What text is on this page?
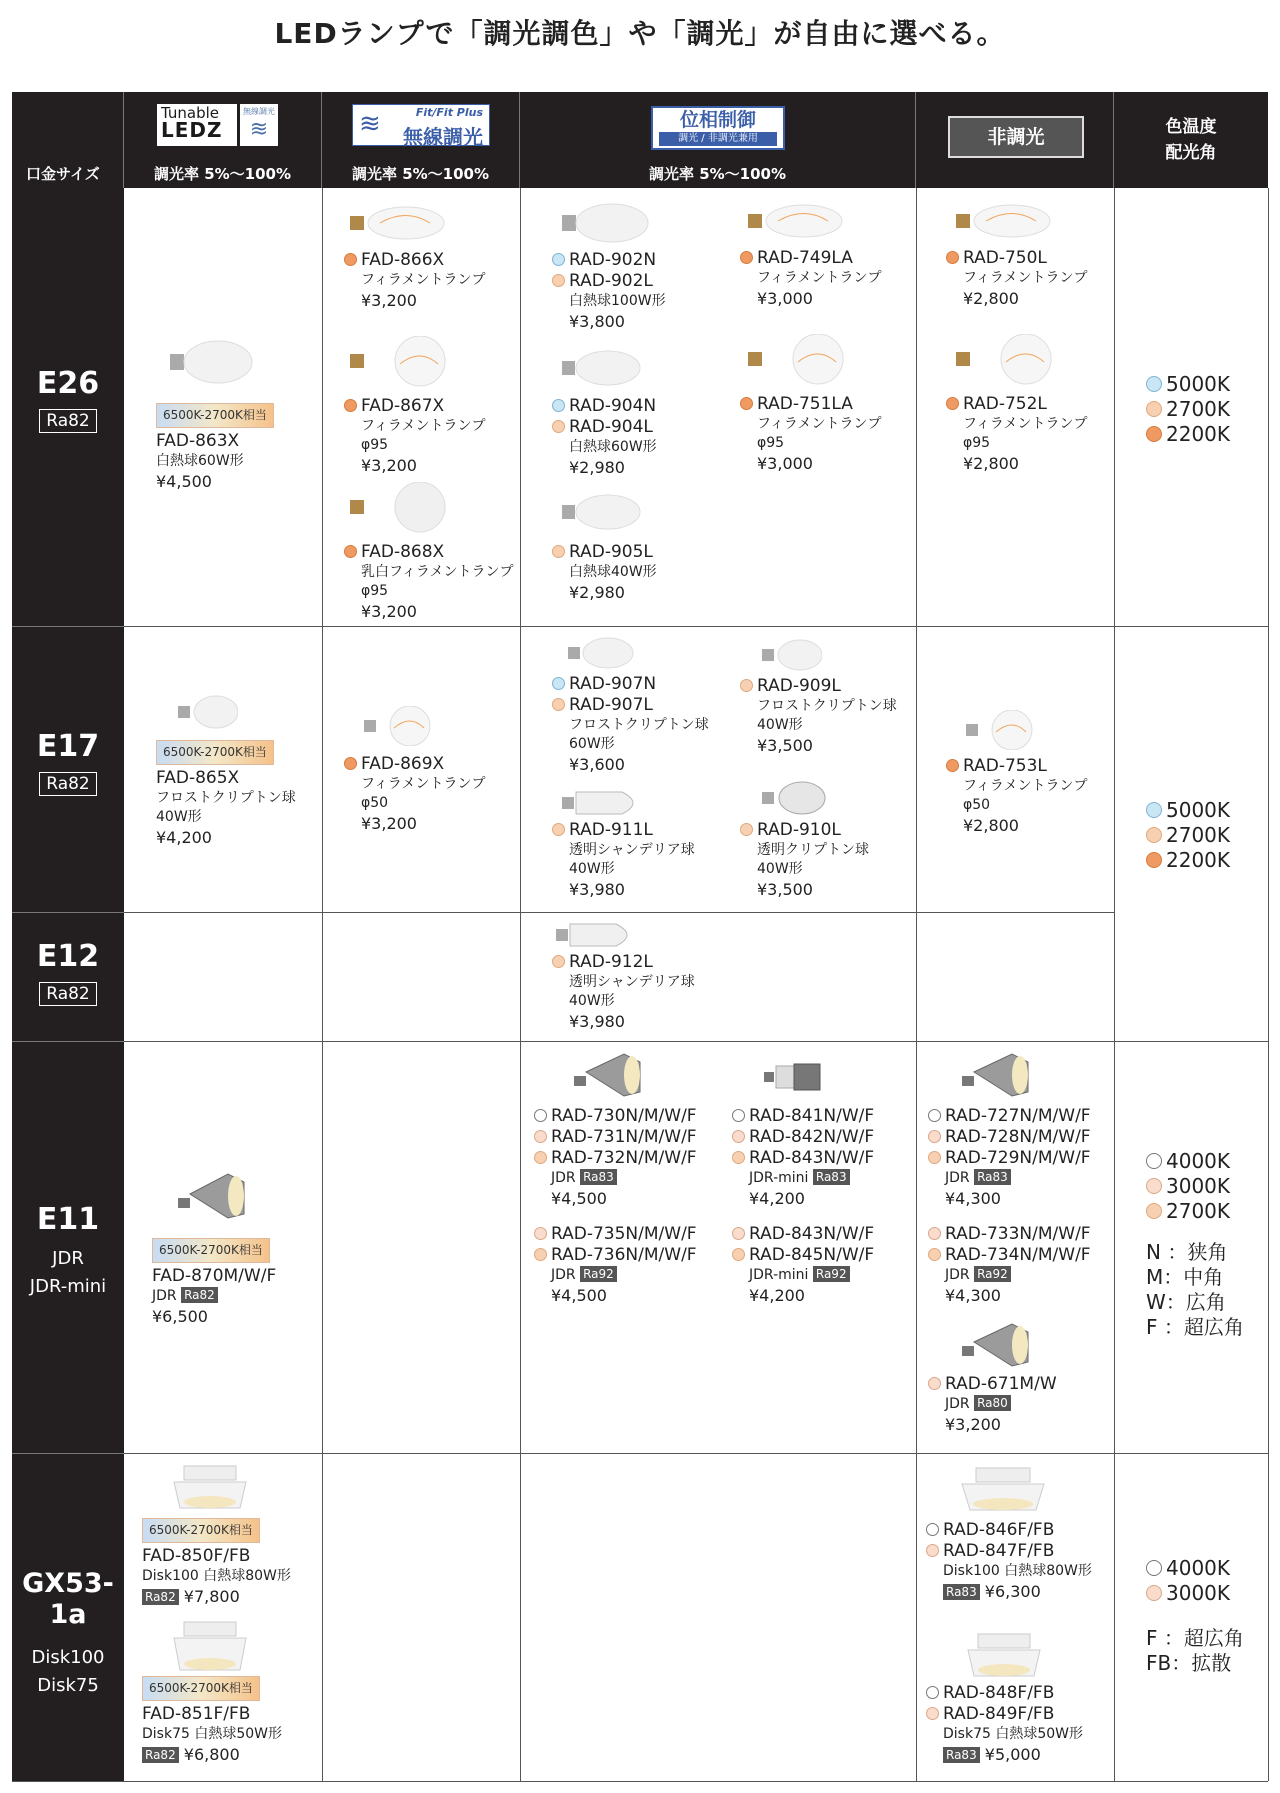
LEDランプで「調光調色」や「調光」が自由に選べる。
口金サイズ
Tunable
LEDZ
無線調光
≋
調光率 5%〜100%
Fit/Fit Plus
≋ 無線調光
調光率 5%〜100%
位相制御
調光 / 非調光兼用
調光率 5%〜100%
非調光	色温度
配光角
E26
Ra82
E17
Ra82
E12
Ra82
E11
JDR
JDR-mini
GX53-1a
Disk100
Disk75
6500K-2700K相当
FAD-863X
白熱球60W形
¥4,500
FAD-866X
フィラメントランプ
¥3,200
FAD-867X
フィラメントランプ
φ95
¥3,200
FAD-868X
乳白フィラメントランプ
φ95
¥3,200
RAD-902N
RAD-902L
白熱球100W形
¥3,800
RAD-904N
RAD-904L
白熱球60W形
¥2,980
RAD-905L
白熱球40W形
¥2,980
RAD-749LA
フィラメントランプ
¥3,000
RAD-751LA
フィラメントランプ
φ95
¥3,000
RAD-750L
フィラメントランプ
¥2,800
RAD-752L
フィラメントランプ
φ95
¥2,800
5000K
2700K
2200K
6500K-2700K相当
FAD-865X
フロストクリプトン球
40W形
¥4,200
FAD-869X
フィラメントランプ
φ50
¥3,200
RAD-907N
RAD-907L
フロストクリプトン球
60W形
¥3,600
RAD-909L
フロストクリプトン球
40W形
¥3,500
RAD-911L
透明シャンデリア球
40W形
¥3,980
RAD-910L
透明クリプトン球
40W形
¥3,500
RAD-753L
フィラメントランプ
φ50
¥2,800
5000K
2700K
2200K
RAD-912L
透明シャンデリア球
40W形
¥3,980
6500K-2700K相当
FAD-870M/W/F
JDR Ra82
¥6,500
RAD-730N/M/W/F
RAD-731N/M/W/F
RAD-732N/M/W/F
JDR Ra83
¥4,500
RAD-735N/M/W/F
RAD-736N/M/W/F
JDR Ra92
¥4,500
RAD-841N/W/F
RAD-842N/W/F
RAD-843N/W/F
JDR-mini Ra83
¥4,200
RAD-843N/W/F
RAD-845N/W/F
JDR-mini Ra92
¥4,200
RAD-727N/M/W/F
RAD-728N/M/W/F
RAD-729N/M/W/F
JDR Ra83
¥4,300
RAD-733N/M/W/F
RAD-734N/M/W/F
JDR Ra92
¥4,300
RAD-671M/W
JDR Ra80
¥3,200
4000K
3000K
2700K
N ：狭角
M：中角
W：広角
F ：超広角
6500K-2700K相当
FAD-850F/FB
Disk100 白熱球80W形
Ra82 ¥7,800
6500K-2700K相当
FAD-851F/FB
Disk75 白熱球50W形
Ra82 ¥6,800
RAD-846F/FB
RAD-847F/FB
Disk100 白熱球80W形
Ra83 ¥6,300
RAD-848F/FB
RAD-849F/FB
Disk75 白熱球50W形
Ra83 ¥5,000
4000K
3000K
F ：超広角
FB：拡散
